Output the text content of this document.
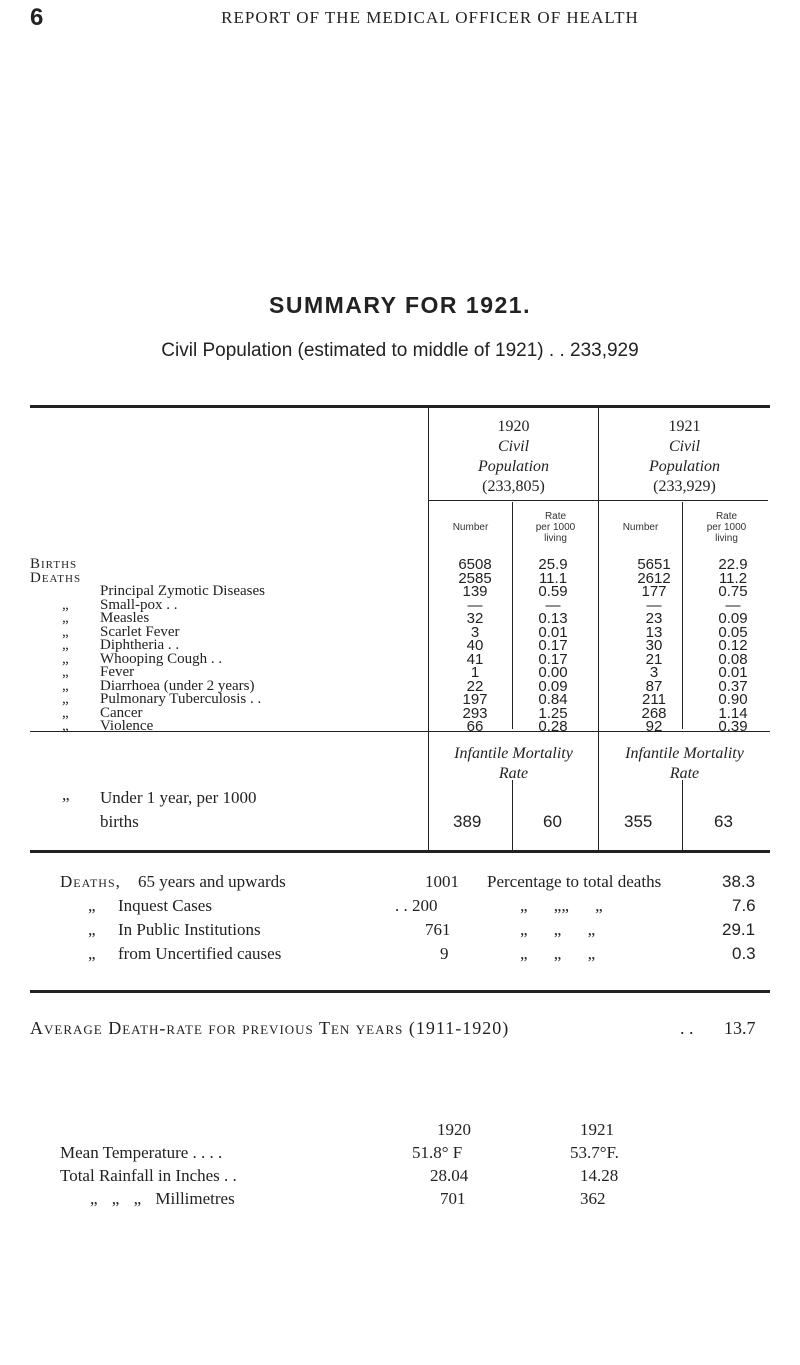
6	REPORT OF THE MEDICAL OFFICER OF HEALTH
SUMMARY FOR 1921.
Civil Population (estimated to middle of 1921) . . 233,929
1920
Civil
Population
(233,805)
1921
Civil
Population
(233,929)
Number
Rate
per 1000
living
Number
Rate
per 1000
living
Births	6508	25.9	5651	22.9
Deaths	2585	11.1	2612	11.2
Principal Zymotic Diseases	139	0.59	177	0.75
„ Small-pox . .	—	—	—	—
„ Measles	32	0.13	23	0.09
„ Scarlet Fever	3	0.01	13	0.05
„ Diphtheria . .	40	0.17	30	0.12
„ Whooping Cough . .	41	0.17	21	0.08
„ Fever	1	0.00	3	0.01
„ Diarrhoea (under 2 years)	22	0.09	87	0.37
„ Pulmonary Tuberculosis . .	197	0.84	211	0.90
„ Cancer	293	1.25	268	1.14
„ Violence	66	0.28	92	0.39
Infantile Mortality
Rate
Infantile Mortality
Rate
„ Under 1 year, per 1000
births	389	60	355	63
Deaths, 65 years and upwards	1001 Percentage to total deaths	38.3
„ Inquest Cases	. . 200	„ „„ „	7.6
„ In Public Institutions	761	„ „ „	29.1
„ from Uncertified causes	9	„ „ „	0.3
Average Death-rate for previous Ten years (1911-1920)	. . 13.7
1920	1921
Mean Temperature . . . .	51.8° F	53.7°F.
Total Rainfall in Inches . .	28.04	14.28
„ „ „ Millimetres	701	362
